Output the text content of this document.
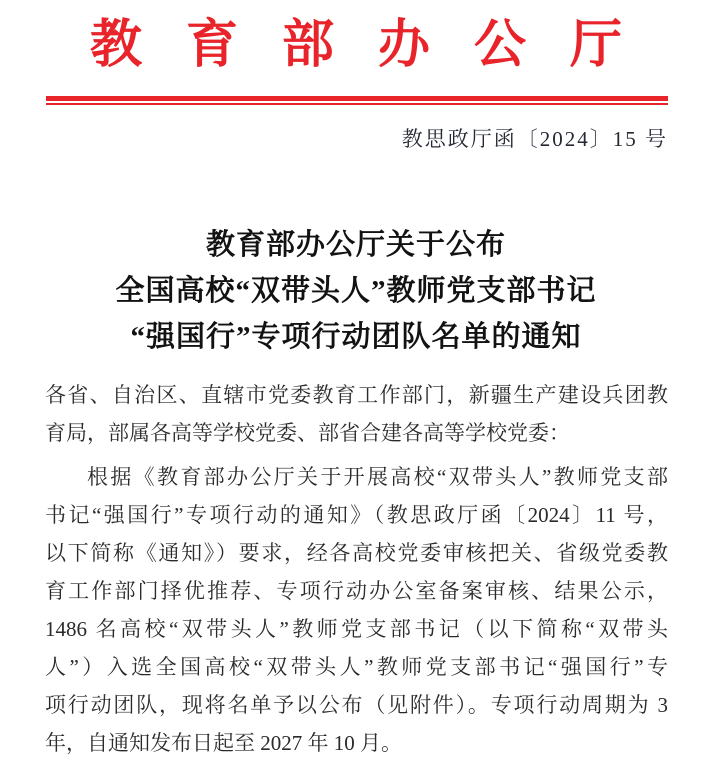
教育部办公厅
教思政厅函〔2024〕15 号
教育部办公厅关于公布
全国高校“双带头人”教师党支部书记
“强国行”专项行动团队名单的通知
各省、自治区、直辖市党委教育工作部门，新疆生产建设兵团教
育局，部属各高等学校党委、部省合建各高等学校党委：
根据《教育部办公厅关于开展高校“双带头人”教师党支部
书记“强国行”专项行动的通知》（教思政厅函〔2024〕11 号，
以下简称《通知》）要求，经各高校党委审核把关、省级党委教
育工作部门择优推荐、专项行动办公室备案审核、结果公示，
1486 名高校“双带头人”教师党支部书记（以下简称“双带头
人”）入选全国高校“双带头人”教师党支部书记“强国行”专
项行动团队，现将名单予以公布（见附件）。专项行动周期为 3
年，自通知发布日起至 2027 年 10 月。
